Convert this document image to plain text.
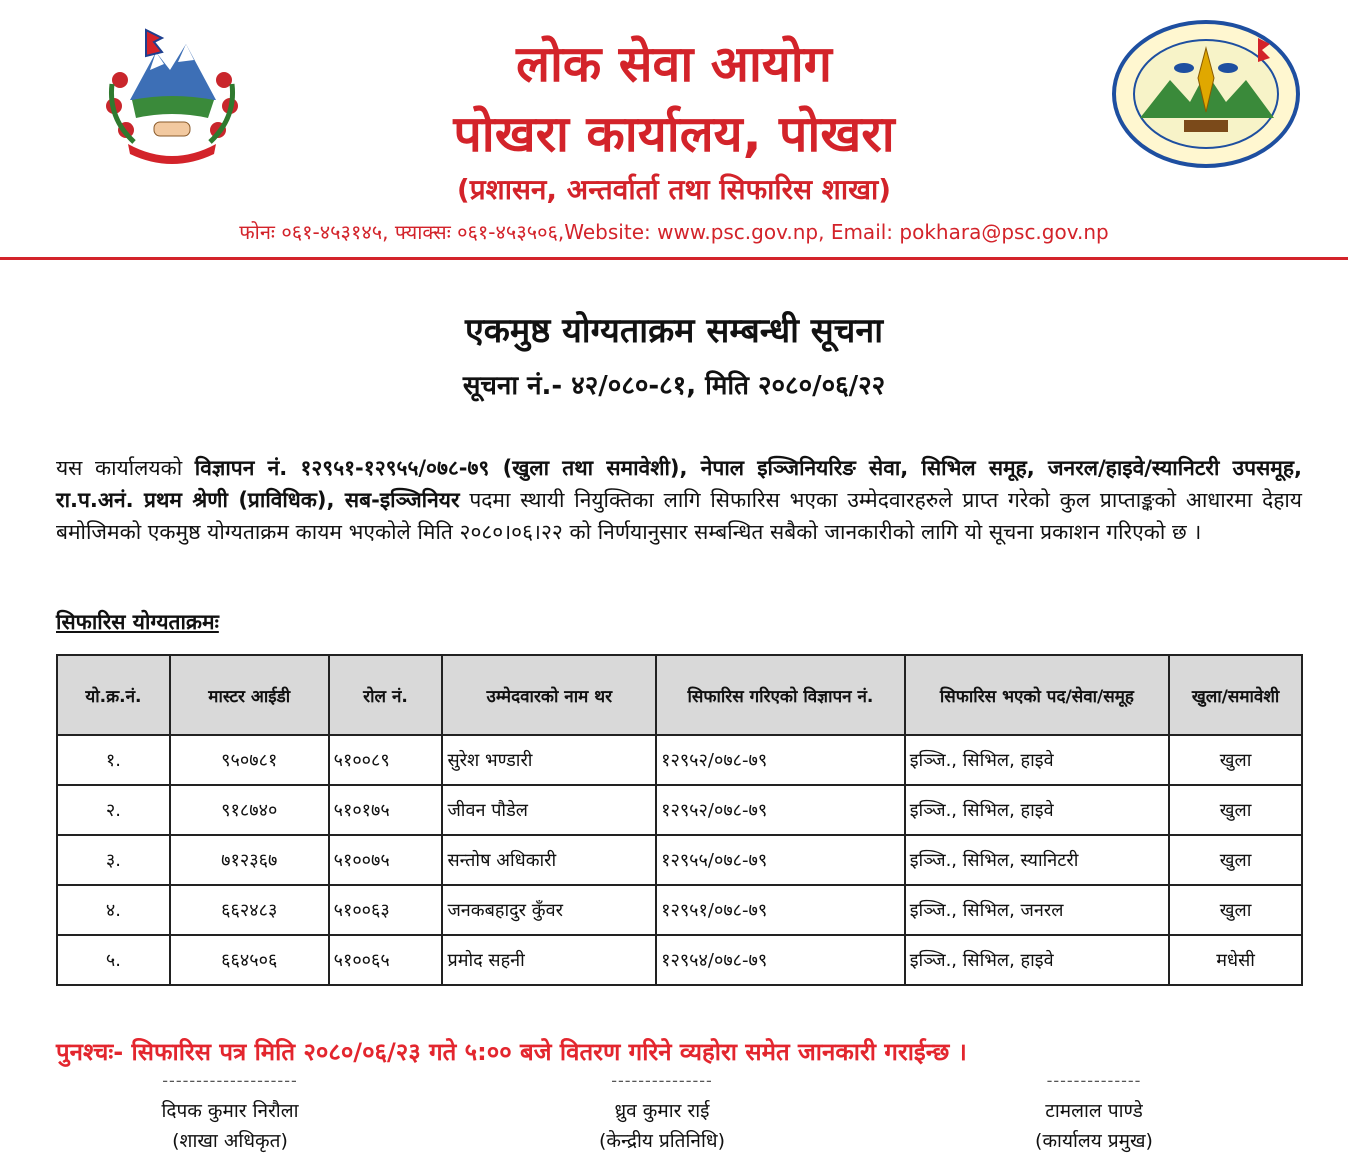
लोक सेवा आयोग
पोखरा कार्यालय, पोखरा
(प्रशासन, अन्तर्वार्ता तथा सिफारिस शाखा)
फोनः ०६१-४५३१४५, फ्याक्सः ०६१-४५३५०६,Website: www.psc.gov.np, Email: pokhara@psc.gov.np
एकमुष्ठ योग्यताक्रम सम्बन्धी सूचना
सूचना नं.- ४२/०८०-८१, मिति २०८०/०६/२२
यस कार्यालयको विज्ञापन नं. १२९५१-१२९५५/०७८-७९ (खुला तथा समावेशी), नेपाल इञ्जिनियरिङ सेवा, सिभिल समूह, जनरल/हाइवे/स्यानिटरी उपसमूह, रा.प.अनं. प्रथम श्रेणी (प्राविधिक), सब-इञ्जिनियर पदमा स्थायी नियुक्तिका लागि सिफारिस भएका उम्मेदवारहरुले प्राप्त गरेको कुल प्राप्ताङ्कको आधारमा देहाय बमोजिमको एकमुष्ठ योग्यताक्रम कायम भएकोले मिति २०८०।०६।२२ को निर्णयानुसार सम्बन्धित सबैको जानकारीको लागि यो सूचना प्रकाशन गरिएको छ ।
सिफारिस योग्यताक्रमः
यो.क्र.नं.	मास्टर आईडी	रोल नं.	उम्मेदवारको नाम थर	सिफारिस गरिएको विज्ञापन नं.	सिफारिस भएको पद/सेवा/समूह	खुला/समावेशी
१.	९५०७८१	५१००८९	सुरेश भण्डारी	१२९५२/०७८-७९	इञ्जि., सिभिल, हाइवे	खुला
२.	९१८७४०	५१०१७५	जीवन पौडेल	१२९५२/०७८-७९	इञ्जि., सिभिल, हाइवे	खुला
३.	७१२३६७	५१००७५	सन्तोष अधिकारी	१२९५५/०७८-७९	इञ्जि., सिभिल, स्यानिटरी	खुला
४.	६६२४८३	५१००६३	जनकबहादुर कुँवर	१२९५१/०७८-७९	इञ्जि., सिभिल, जनरल	खुला
५.	६६४५०६	५१००६५	प्रमोद सहनी	१२९५४/०७८-७९	इञ्जि., सिभिल, हाइवे	मधेसी
पुनश्चः- सिफारिस पत्र मिति २०८०/०६/२३ गते ५:०० बजे वितरण गरिने व्यहोरा समेत जानकारी गराईन्छ ।
--------------------
दिपक कुमार निरौला
(शाखा अधिकृत)
---------------
ध्रुव कुमार राई
(केन्द्रीय प्रतिनिधि)
--------------
टामलाल पाण्डे
(कार्यालय प्रमुख)
